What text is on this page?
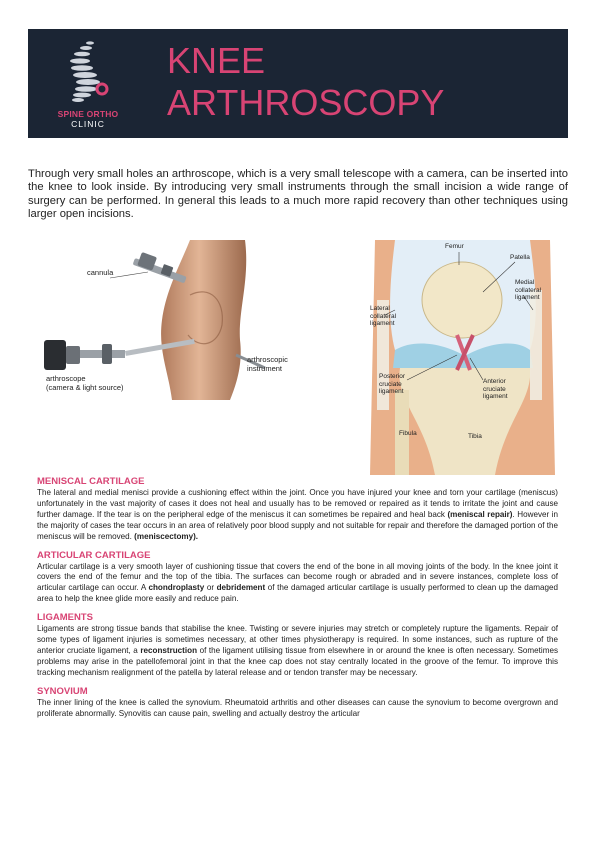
SPINE ORTHO
CLINIC
KNEE
ARTHROSCOPY

Through very small holes an arthroscope, which is a very small telescope with a camera, can be inserted into the knee to look inside. By introducing very small instruments through the small incision a wide range of surgery can be performed. In general this leads to a much more rapid recovery than other techniques using larger open incisions.

cannula

arthroscope
(camera & light source)

arthroscopic
instrument

Femur

Patella

Medial
collateral
ligament

Lateral
collateral
ligament

Posterior
cruciate
ligament

Anterior
cruciate
ligament

Fibula	Tibia

MENISCAL CARTILAGE

The lateral and medial menisci provide a cushioning effect within the joint. Once you have injured your knee and torn your cartilage (meniscus) unfortunately in the vast majority of cases it does not heal and usually has to be removed or repaired as it tends to irritate the joint and cause further damage. If the tear is on the peripheral edge of the meniscus it can sometimes be repaired and heal back (meniscal repair). However in the majority of cases the tear occurs in an area of relatively poor blood supply and not suitable for repair and therefore the damaged portion of the meniscus will be removed. (meniscectomy).

ARTICULAR CARTILAGE

Articular cartilage is a very smooth layer of cushioning tissue that covers the end of the bone in all moving joints of the body. In the knee joint it covers the end of the femur and the top of the tibia. The surfaces can become rough or abraded and in severe instances, complete loss of articular cartilage can occur. A chondroplasty or debridement of the damaged articular cartilage is usually performed to clean up the damaged area to help the knee glide more easily and reduce pain.

LIGAMENTS

Ligaments are strong tissue bands that stabilise the knee. Twisting or severe injuries may stretch or completely rupture the ligaments. Repair of some types of ligament injuries is sometimes necessary, at other times physiotherapy is required. In some instances, such as rupture of the anterior cruciate ligament, a reconstruction of the ligament utilising tissue from elsewhere in or around the knee is often necessary. Sometimes problems may arise in the patellofemoral joint in that the knee cap does not stay centrally located in the groove of the femur. To improve this tracking mechanism realignment of the patella by lateral release and or tendon transfer may be necessary.

SYNOVIUM

The inner lining of the knee is called the synovium. Rheumatoid arthritis and other diseases can cause the synovium to become overgrown and proliferate abnormally. Synovitis can cause pain, swelling and actually destroy the articular
